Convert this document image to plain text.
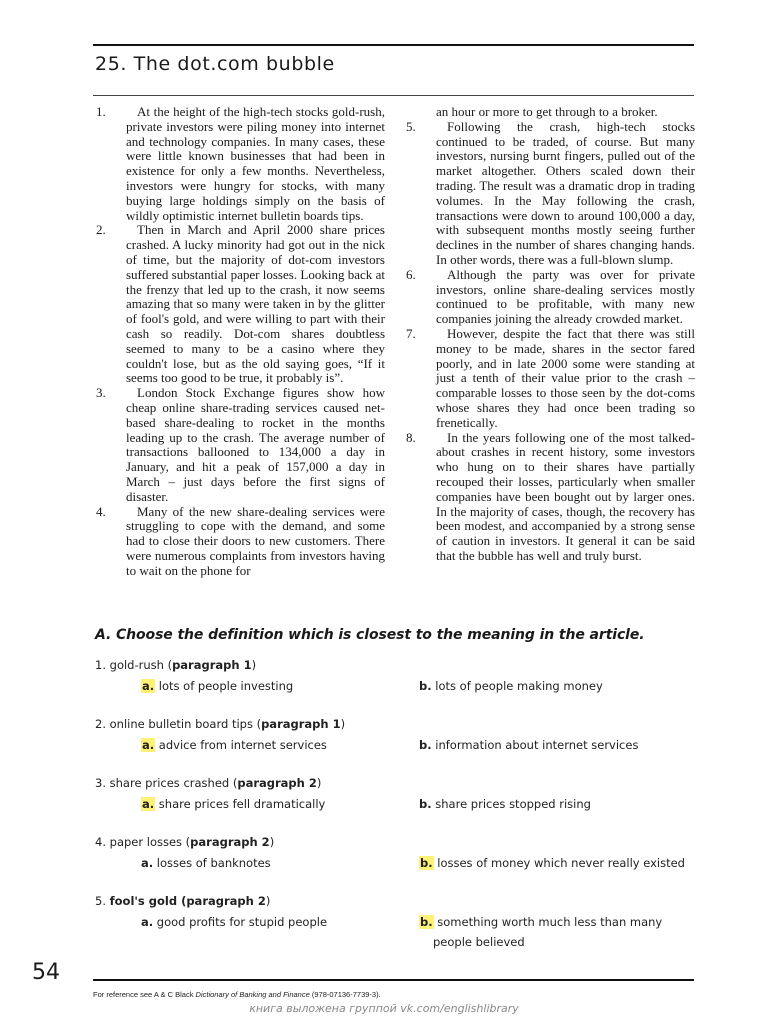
25. The dot.com bubble

1.	At the height of the high-tech stocks gold-rush, private investors were piling money into internet and technology companies. In many cases, these were little known businesses that had been in existence for only a few months. Nevertheless, investors were hungry for stocks, with many buying large holdings simply on the basis of wildly optimistic internet bulletin boards tips.

2.	Then in March and April 2000 share prices crashed. A lucky minority had got out in the nick of time, but the majority of dot-com investors suffered substantial paper losses. Looking back at the frenzy that led up to the crash, it now seems amazing that so many were taken in by the glitter of fool's gold, and were willing to part with their cash so readily. Dot-com shares doubtless seemed to many to be a casino where they couldn't lose, but as the old saying goes, “If it seems too good to be true, it probably is”.

3.	London Stock Exchange figures show how cheap online share-trading services caused net-based share-dealing to rocket in the months leading up to the crash. The average number of transactions ballooned to 134,000 a day in January, and hit a peak of 157,000 a day in March – just days before the first signs of disaster.

4.	Many of the new share-dealing services were struggling to cope with the demand, and some had to close their doors to new customers. There were numerous complaints from investors having to wait on the phone for

an hour or more to get through to a broker.

5.	Following the crash, high-tech stocks continued to be traded, of course. But many investors, nursing burnt fingers, pulled out of the market altogether. Others scaled down their trading. The result was a dramatic drop in trading volumes. In the May following the crash, transactions were down to around 100,000 a day, with subsequent months mostly seeing further declines in the number of shares changing hands. In other words, there was a full-blown slump.

6.	Although the party was over for private investors, online share-dealing services mostly continued to be profitable, with many new companies joining the already crowded market.

7.	However, despite the fact that there was still money to be made, shares in the sector fared poorly, and in late 2000 some were standing at just a tenth of their value prior to the crash – comparable losses to those seen by the dot-coms whose shares they had once been trading so frenetically.

8.	In the years following one of the most talked-about crashes in recent history, some investors who hung on to their shares have partially recouped their losses, particularly when smaller companies have been bought out by larger ones. In the majority of cases, though, the recovery has been modest, and accompanied by a strong sense of caution in investors. It general it can be said that the bubble has well and truly burst.

A. Choose the definition which is closest to the meaning in the article.
1. gold-rush (paragraph 1)
a. lots of people investing	b. lots of people making money
2. online bulletin board tips (paragraph 1)
a. advice from internet services	b. information about internet services
3. share prices crashed (paragraph 2)
a. share prices fell dramatically	b. share prices stopped rising
4. paper losses (paragraph 2)
a. losses of banknotes	b. losses of money which never really existed
5. fool's gold (paragraph 2)
a. good profits for stupid people	b. something worth much less than many
people believed
54
For reference see A & C Black Dictionary of Banking and Finance (978-07136-7739-3).
книга выложена группой vk.com/englishlibrary
